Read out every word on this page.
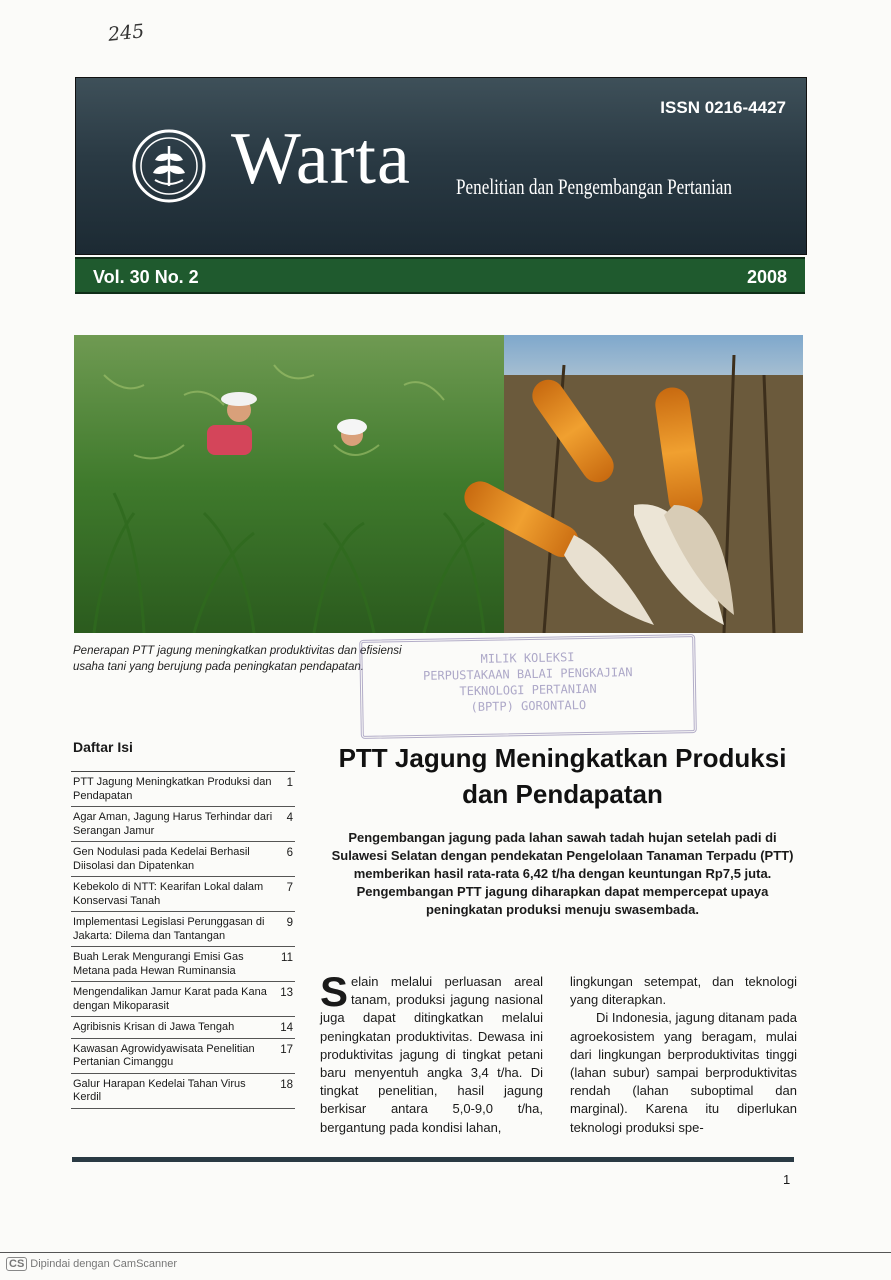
245
ISSN 0216-4427
Warta Penelitian dan Pengembangan Pertanian
Vol. 30 No. 2	2008
Penerapan PTT jagung meningkatkan produktivitas dan efisiensi usaha tani yang berujung pada peningkatan pendapatan.
MILIK KOLEKSI
PERPUSTAKAAN BALAI PENGKAJIAN
TEKNOLOGI PERTANIAN
(BPTP) GORONTALO
Daftar Isi
PTT Jagung Meningkatkan Produksi dan Pendapatan
1
Agar Aman, Jagung Harus Terhindar dari Serangan Jamur
4
Gen Nodulasi pada Kedelai Berhasil Diisolasi dan Dipatenkan
6
Kebekolo di NTT: Kearifan Lokal dalam Konservasi Tanah
7
Implementasi Legislasi Perunggasan di Jakarta: Dilema dan Tantangan
9
Buah Lerak Mengurangi Emisi Gas Metana pada Hewan Ruminansia
11
Mengendalikan Jamur Karat pada Kana dengan Mikoparasit
13
Agribisnis Krisan di Jawa Tengah	14
Kawasan Agrowidyawisata Penelitian Pertanian Cimanggu
17
Galur Harapan Kedelai Tahan Virus Kerdil
18
PTT Jagung Meningkatkan Produksi dan Pendapatan
Pengembangan jagung pada lahan sawah tadah hujan setelah padi di Sulawesi Selatan dengan pendekatan Pengelolaan Tanaman Terpadu (PTT) memberikan hasil rata-rata 6,42 t/ha dengan keuntungan Rp7,5 juta. Pengembangan PTT jagung diharapkan dapat mempercepat upaya peningkatan produksi menuju swasembada.
Selain melalui perluasan areal tanam, produksi jagung nasional juga dapat ditingkatkan melalui peningkatan produktivitas. Dewasa ini produktivitas jagung di tingkat petani baru menyentuh angka 3,4 t/ha. Di tingkat penelitian, hasil jagung berkisar antara 5,0-9,0 t/ha, bergantung pada kondisi lahan,
lingkungan setempat, dan teknologi yang diterapkan.
Di Indonesia, jagung ditanam pada agroekosistem yang beragam, mulai dari lingkungan berproduktivitas tinggi (lahan subur) sampai berproduktivitas rendah (lahan suboptimal dan marginal). Karena itu diperlukan teknologi produksi spe-
1
CS Dipindai dengan CamScanner
